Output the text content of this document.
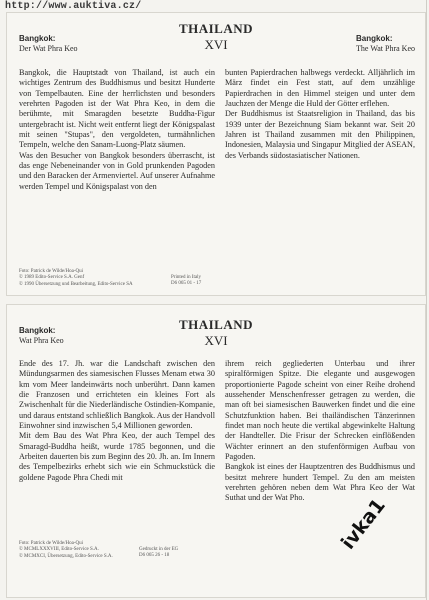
http://www.auktiva.cz/
THAILAND
XVI
Bangkok:
Der Wat Phra Keo
Bangkok:
The Wat Phra Keo

Bangkok, die Hauptstadt von Thailand, ist auch ein wichtiges Zentrum des Buddhismus und besitzt Hunderte von Tempelbauten. Eine der herrlichsten und besonders verehrten Pagoden ist der Wat Phra Keo, in dem die berühmte, mit Smaragden besetzte Buddha-Figur untergebracht ist. Nicht weit entfernt liegt der Königspalast mit seinen "Stupas", den vergoldeten, turmähnlichen Tempeln, welche den Sanam-Luong-Platz säumen.

Was den Besucher von Bangkok besonders überrascht, ist das enge Nebeneinander von in Gold prunkenden Pagoden und den Baracken der Armenviertel. Auf unserer Aufnahme werden Tempel und Königspalast von den

bunten Papierdrachen halbwegs verdeckt. Alljährlich im März findet ein Fest statt, auf dem unzählige Papierdrachen in den Himmel steigen und unter dem Jauchzen der Menge die Huld der Götter erflehen.

Der Buddhismus ist Staatsreligion in Thailand, das bis 1939 unter der Bezeichnung Siam bekannt war. Seit 20 Jahren ist Thailand zusammen mit den Philippinen, Indonesien, Malaysia und Singapur Mitglied der ASEAN, des Verbands südostasiatischer Nationen.

Foto: Patrick de Wilde/Hoa-Qui
© 1989 Edito-Service S.A. Genf
© 1990 Übersetzung und Bearbeitung, Edito-Service SA
Printed in Italy
D6 065 01 - 17
THAILAND
XVI
Bangkok:
Wat Phra Keo

Ende des 17. Jh. war die Landschaft zwischen den Mündungsarmen des siamesischen Flusses Menam etwa 30 km vom Meer landeinwärts noch unberührt. Dann kamen die Franzosen und errichteten ein kleines Fort als Zwischenhalt für die Niederländische Ostindien-Kompanie, und daraus entstand schließlich Bangkok. Aus der Handvoll Einwohner sind inzwischen 5,4 Millionen geworden.

Mit dem Bau des Wat Phra Keo, der auch Tempel des Smaragd-Buddha heißt, wurde 1785 begonnen, und die Arbeiten dauerten bis zum Beginn des 20. Jh. an. Im Innern des Tempelbezirks erhebt sich wie ein Schmuckstück die goldene Pagode Phra Chedi mit

ihrem reich gegliederten Unterbau und ihrer spiralförmigen Spitze. Die elegante und ausgewogen proportionierte Pagode scheint von einer Reihe drohend aussehender Menschenfresser getragen zu werden, die man oft bei siamesischen Bauwerken findet und die eine Schutzfunktion haben. Bei thailändischen Tänzerinnen findet man noch heute die vertikal abgewinkelte Haltung der Handteller. Die Frisur der Schrecken einflößenden Wächter erinnert an den stufenförmigen Aufbau von Pagoden.

Bangkok ist eines der Hauptzentren des Buddhismus und besitzt mehrere hundert Tempel. Zu den am meisten verehrten gehören neben dem Wat Phra Keo der Wat Suthat und der Wat Pho.

Foto: Patrick de Wilde/Hoa-Qui
© MCMLXXXVIII, Edito-Service S.A.
© MCMXCI, Übersetzung, Edito-Service S.A.
Gedruckt in der EG
D6 065 26 - 18
ivka1
